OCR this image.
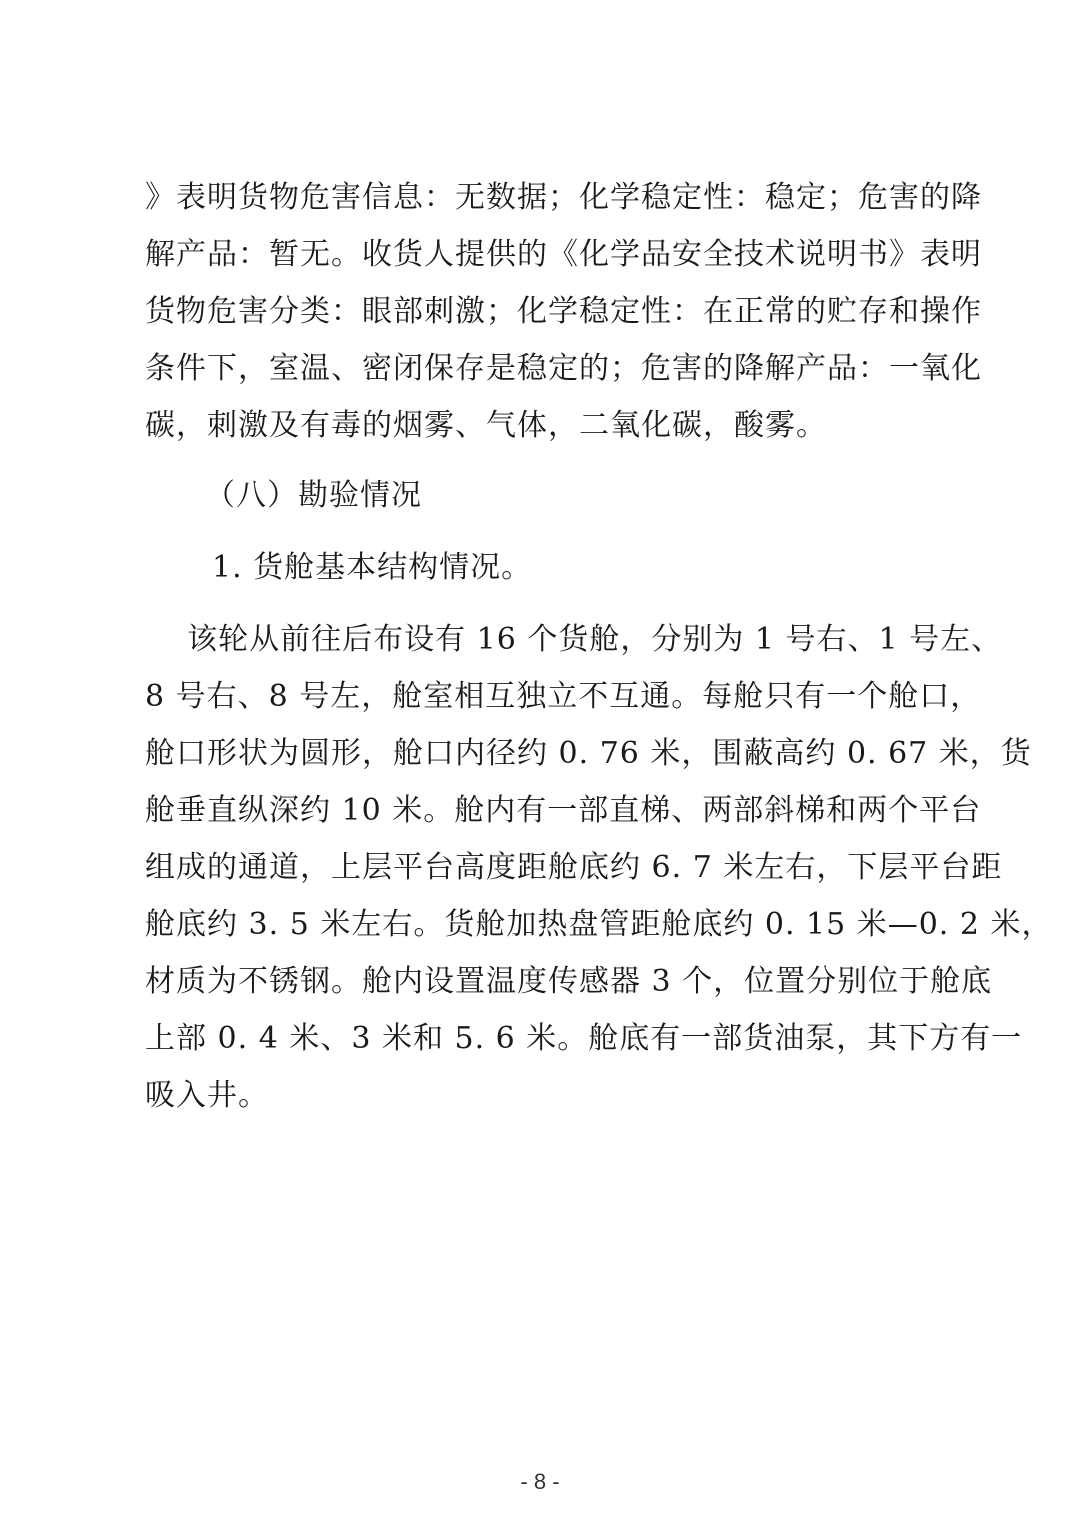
》表明货物危害信息：无数据；化学稳定性：稳定；危害的降
解产品：暂无。收货人提供的《化学品安全技术说明书》表明
货物危害分类：眼部刺激；化学稳定性：在正常的贮存和操作
条件下，室温、密闭保存是稳定的；危害的降解产品：一氧化
碳，刺激及有毒的烟雾、气体，二氧化碳，酸雾。
（八）勘验情况
1. 货舱基本结构情况。
该轮从前往后布设有 16 个货舱，分别为 1 号右、1 号左、
8 号右、8 号左，舱室相互独立不互通。每舱只有一个舱口，
舱口形状为圆形，舱口内径约 0. 76 米，围蔽高约 0. 67 米，货
舱垂直纵深约 10 米。舱内有一部直梯、两部斜梯和两个平台
组成的通道，上层平台高度距舱底约 6. 7 米左右，下层平台距
舱底约 3. 5 米左右。货舱加热盘管距舱底约 0. 15 米—0. 2 米，
材质为不锈钢。舱内设置温度传感器 3 个，位置分别位于舱底
上部 0. 4 米、3 米和 5. 6 米。舱底有一部货油泵，其下方有一
吸入井。
- 8 -
